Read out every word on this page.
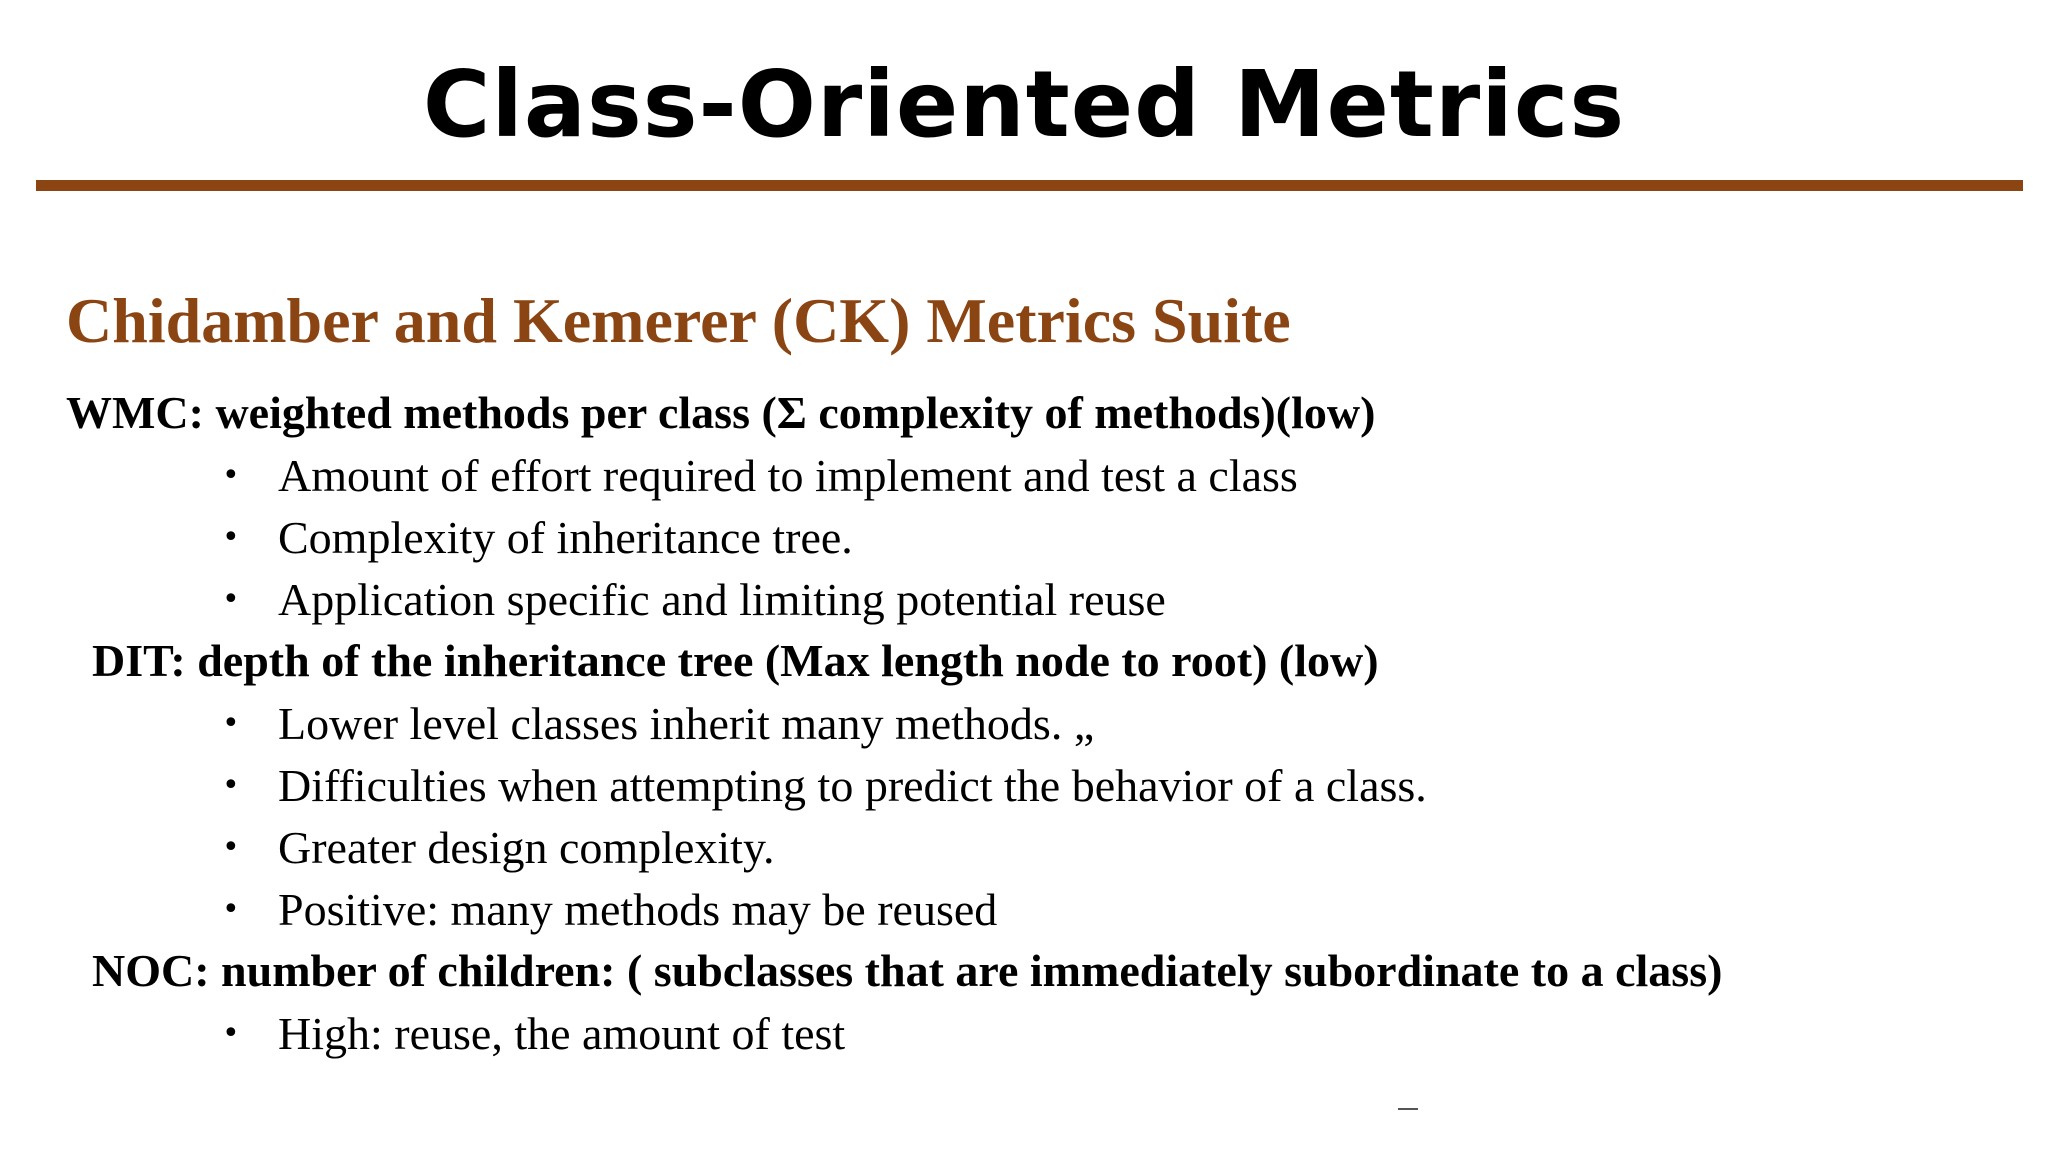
Class-Oriented Metrics
Chidamber and Kemerer (CK) Metrics Suite
WMC: weighted methods per class (Σ complexity of methods)(low)
• Amount of effort required to implement and test a class
• Complexity of inheritance tree.
• Application specific and limiting potential reuse
DIT: depth of the inheritance tree (Max length node to root) (low)
• Lower level classes inherit many methods. „
• Difficulties when attempting to predict the behavior of a class.
• Greater design complexity.
• Positive: many methods may be reused
NOC: number of children: ( subclasses that are immediately subordinate to a class)
• High: reuse, the amount of test
